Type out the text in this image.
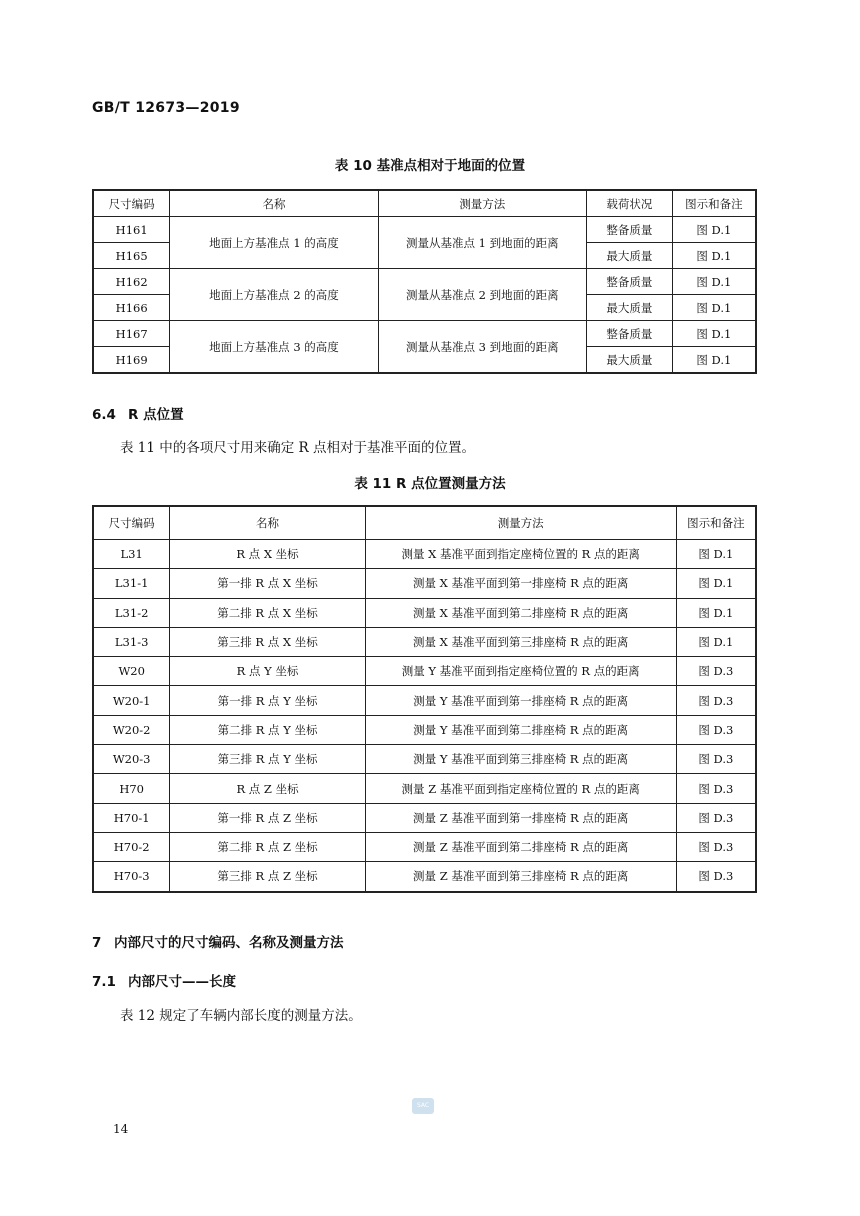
GB/T 12673—2019
表 10 基准点相对于地面的位置
尺寸编码	名称	测量方法	载荷状况	图示和备注
H161	地面上方基准点 1 的高度	测量从基准点 1 到地面的距离	整备质量	图 D.1
H165			最大质量	图 D.1
H162	地面上方基准点 2 的高度	测量从基准点 2 到地面的距离	整备质量	图 D.1
H166			最大质量	图 D.1
H167	地面上方基准点 3 的高度	测量从基准点 3 到地面的距离	整备质量	图 D.1
H169			最大质量	图 D.1
6.4 R 点位置
表 11 中的各项尺寸用来确定 R 点相对于基准平面的位置。
表 11 R 点位置测量方法
尺寸编码	名称	测量方法	图示和备注
L31	R 点 X 坐标	测量 X 基准平面到指定座椅位置的 R 点的距离	图 D.1
L31-1	第一排 R 点 X 坐标	测量 X 基准平面到第一排座椅 R 点的距离	图 D.1
L31-2	第二排 R 点 X 坐标	测量 X 基准平面到第二排座椅 R 点的距离	图 D.1
L31-3	第三排 R 点 X 坐标	测量 X 基准平面到第三排座椅 R 点的距离	图 D.1
W20	R 点 Y 坐标	测量 Y 基准平面到指定座椅位置的 R 点的距离	图 D.3
W20-1	第一排 R 点 Y 坐标	测量 Y 基准平面到第一排座椅 R 点的距离	图 D.3
W20-2	第二排 R 点 Y 坐标	测量 Y 基准平面到第二排座椅 R 点的距离	图 D.3
W20-3	第三排 R 点 Y 坐标	测量 Y 基准平面到第三排座椅 R 点的距离	图 D.3
H70	R 点 Z 坐标	测量 Z 基准平面到指定座椅位置的 R 点的距离	图 D.3
H70-1	第一排 R 点 Z 坐标	测量 Z 基准平面到第一排座椅 R 点的距离	图 D.3
H70-2	第二排 R 点 Z 坐标	测量 Z 基准平面到第二排座椅 R 点的距离	图 D.3
H70-3	第三排 R 点 Z 坐标	测量 Z 基准平面到第三排座椅 R 点的距离	图 D.3
7 内部尺寸的尺寸编码、名称及测量方法
7.1 内部尺寸——长度
表 12 规定了车辆内部长度的测量方法。
SAC
14
